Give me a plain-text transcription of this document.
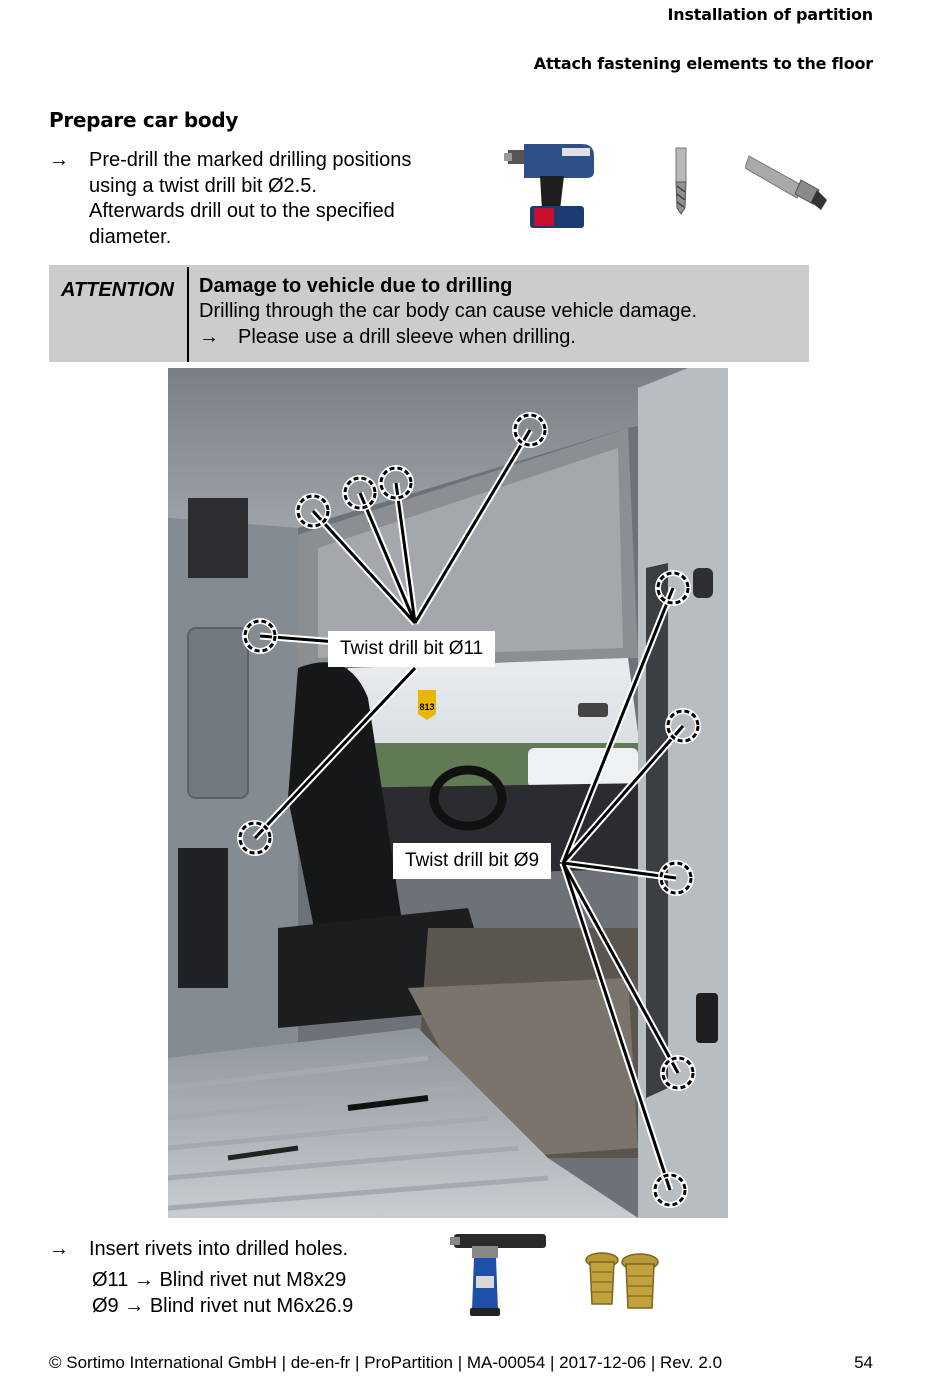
Installation of partition
Attach fastening elements to the floor
Prepare car body
→ Pre-drill the marked drilling positions
using a twist drill bit Ø2.5.
Afterwards drill out to the specified
diameter.
ATTENTION Damage to vehicle due to drilling
Drilling through the car body can cause vehicle damage.
→ Please use a drill sleeve when drilling.
813
Twist drill bit Ø11
Twist drill bit Ø9
→ Insert rivets into drilled holes.
Ø11 → Blind rivet nut M8x29
Ø9 → Blind rivet nut M6x26.9
© Sortimo International GmbH | de-en-fr | ProPartition | MA-00054 | 2017-12-06 | Rev. 2.0	54
